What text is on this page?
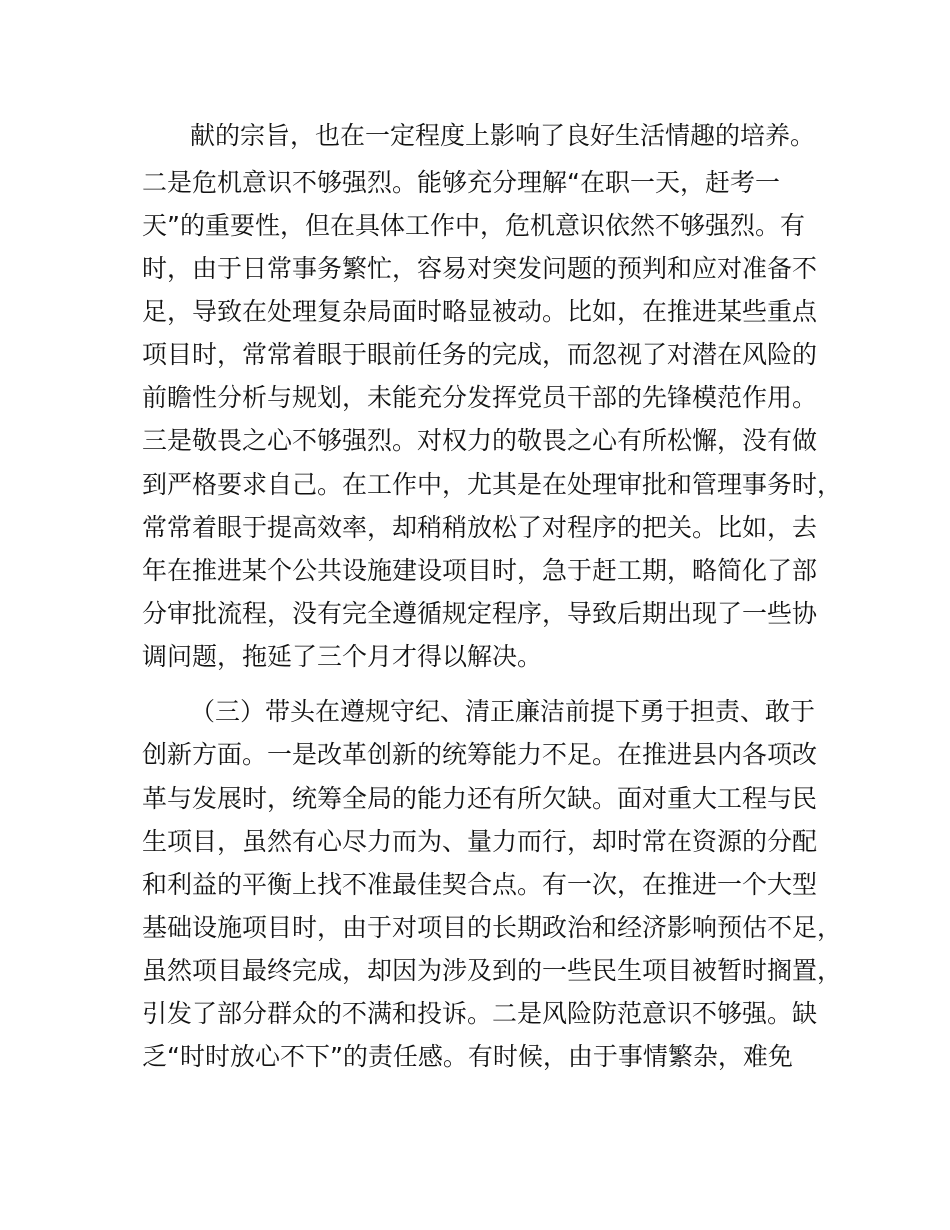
献的宗旨，也在一定程度上影响了良好生活情趣的培养。
二是危机意识不够强烈。能够充分理解“在职一天，赶考一
天”的重要性，但在具体工作中，危机意识依然不够强烈。有
时，由于日常事务繁忙，容易对突发问题的预判和应对准备不
足，导致在处理复杂局面时略显被动。比如，在推进某些重点
项目时，常常着眼于眼前任务的完成，而忽视了对潜在风险的
前瞻性分析与规划，未能充分发挥党员干部的先锋模范作用。
三是敬畏之心不够强烈。对权力的敬畏之心有所松懈，没有做
到严格要求自己。在工作中，尤其是在处理审批和管理事务时，
常常着眼于提高效率，却稍稍放松了对程序的把关。比如，去
年在推进某个公共设施建设项目时，急于赶工期，略简化了部
分审批流程，没有完全遵循规定程序，导致后期出现了一些协
调问题，拖延了三个月才得以解决。
（三）带头在遵规守纪、清正廉洁前提下勇于担责、敢于
创新方面。一是改革创新的统筹能力不足。在推进县内各项改
革与发展时，统筹全局的能力还有所欠缺。面对重大工程与民
生项目，虽然有心尽力而为、量力而行，却时常在资源的分配
和利益的平衡上找不准最佳契合点。有一次，在推进一个大型
基础设施项目时，由于对项目的长期政治和经济影响预估不足，
虽然项目最终完成，却因为涉及到的一些民生项目被暂时搁置，
引发了部分群众的不满和投诉。二是风险防范意识不够强。缺
乏“时时放心不下”的责任感。有时候，由于事情繁杂，难免
